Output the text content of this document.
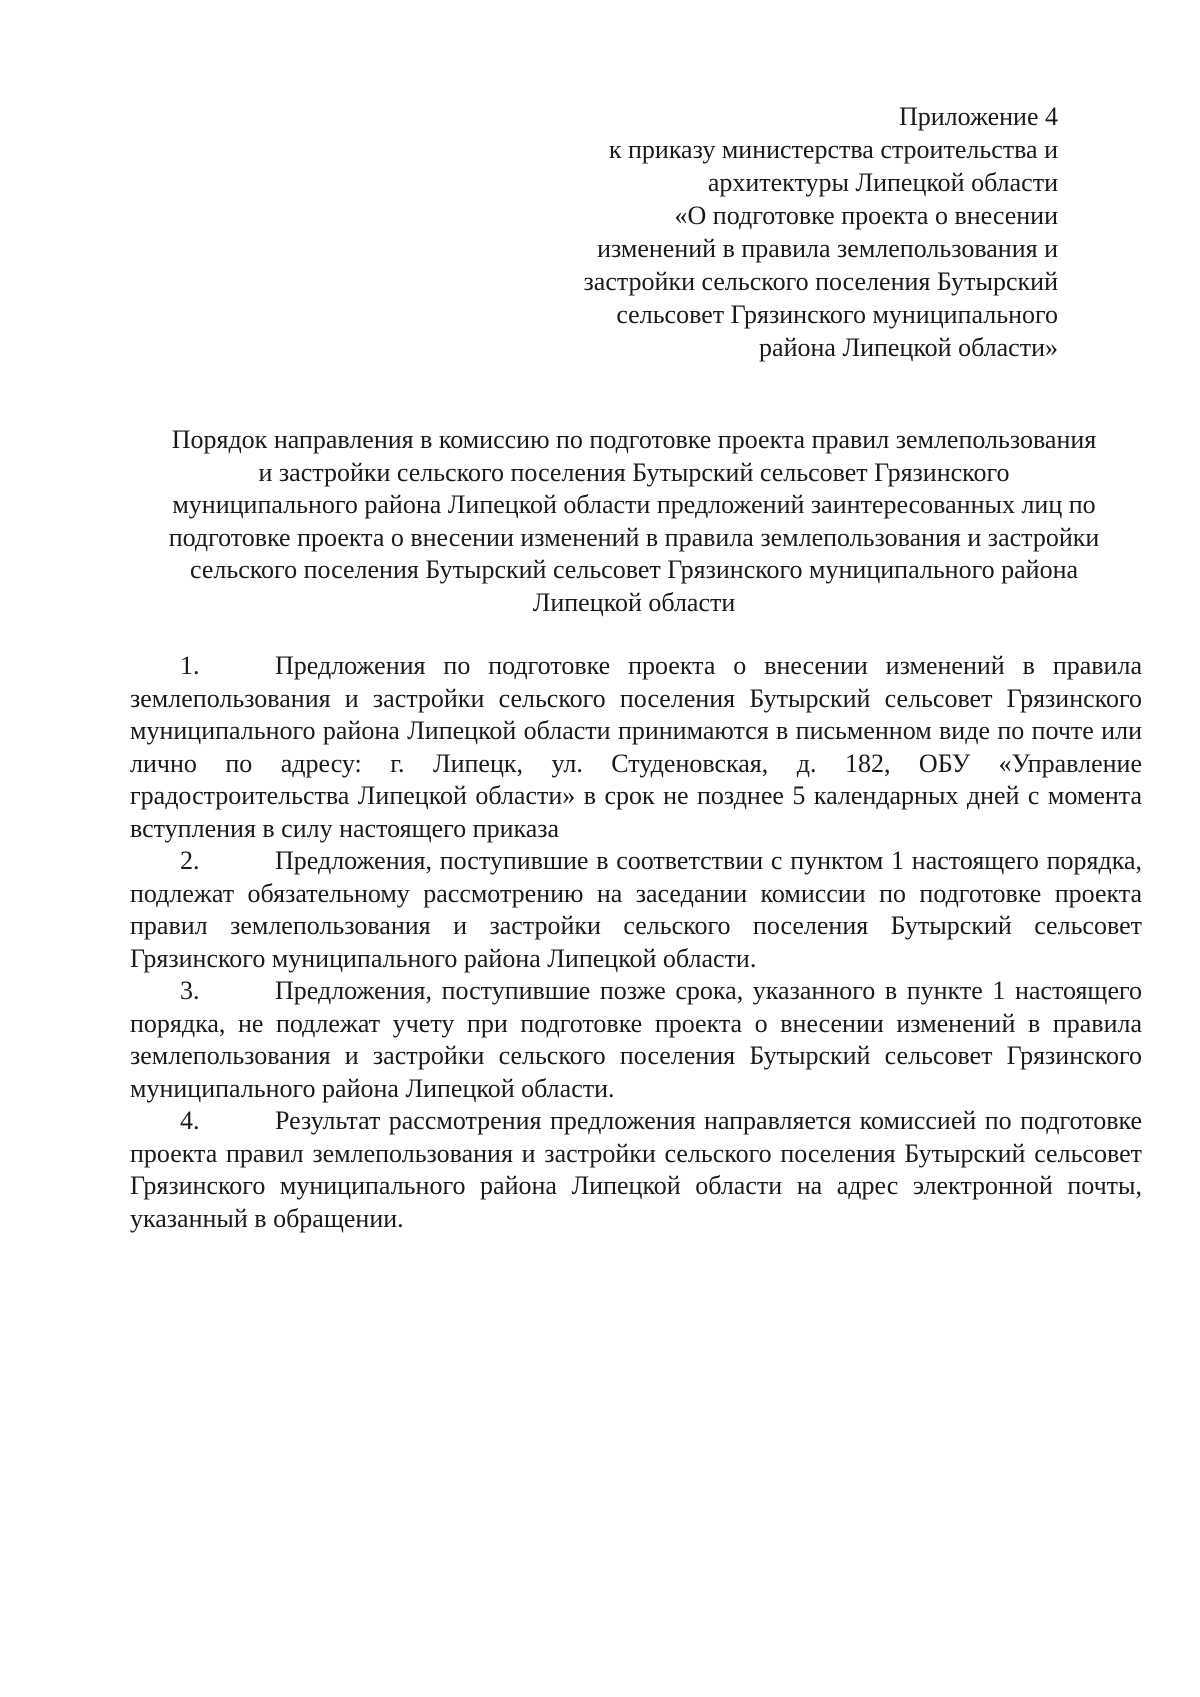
Приложение 4
к приказу министерства строительства и
архитектуры Липецкой области
«О подготовке проекта о внесении
изменений в правила землепользования и
застройки сельского поселения Бутырский
сельсовет Грязинского муниципального
района Липецкой области»
Порядок направления в комиссию по подготовке проекта правил землепользования
и застройки сельского поселения Бутырский сельсовет Грязинского
муниципального района Липецкой области предложений заинтересованных лиц по
подготовке проекта о внесении изменений в правила землепользования и застройки
сельского поселения Бутырский сельсовет Грязинского муниципального района
Липецкой области

1.	Предложения по подготовке проекта о внесении изменений в правила землепользования и застройки сельского поселения Бутырский сельсовет Грязинского муниципального района Липецкой области принимаются в письменном виде по почте или лично по адресу: г. Липецк, ул. Студеновская, д. 182, ОБУ «Управление градостроительства Липецкой области» в срок не позднее 5 календарных дней с момента вступления в силу настоящего приказа

2.	Предложения, поступившие в соответствии с пунктом 1 настоящего порядка, подлежат обязательному рассмотрению на заседании комиссии по подготовке проекта правил землепользования и застройки сельского поселения Бутырский сельсовет Грязинского муниципального района Липецкой области.

3.	Предложения, поступившие позже срока, указанного в пункте 1 настоящего порядка, не подлежат учету при подготовке проекта о внесении изменений в правила землепользования и застройки сельского поселения Бутырский сельсовет Грязинского муниципального района Липецкой области.

4.	Результат рассмотрения предложения направляется комиссией по подготовке проекта правил землепользования и застройки сельского поселения Бутырский сельсовет Грязинского муниципального района Липецкой области на адрес электронной почты, указанный в обращении.
